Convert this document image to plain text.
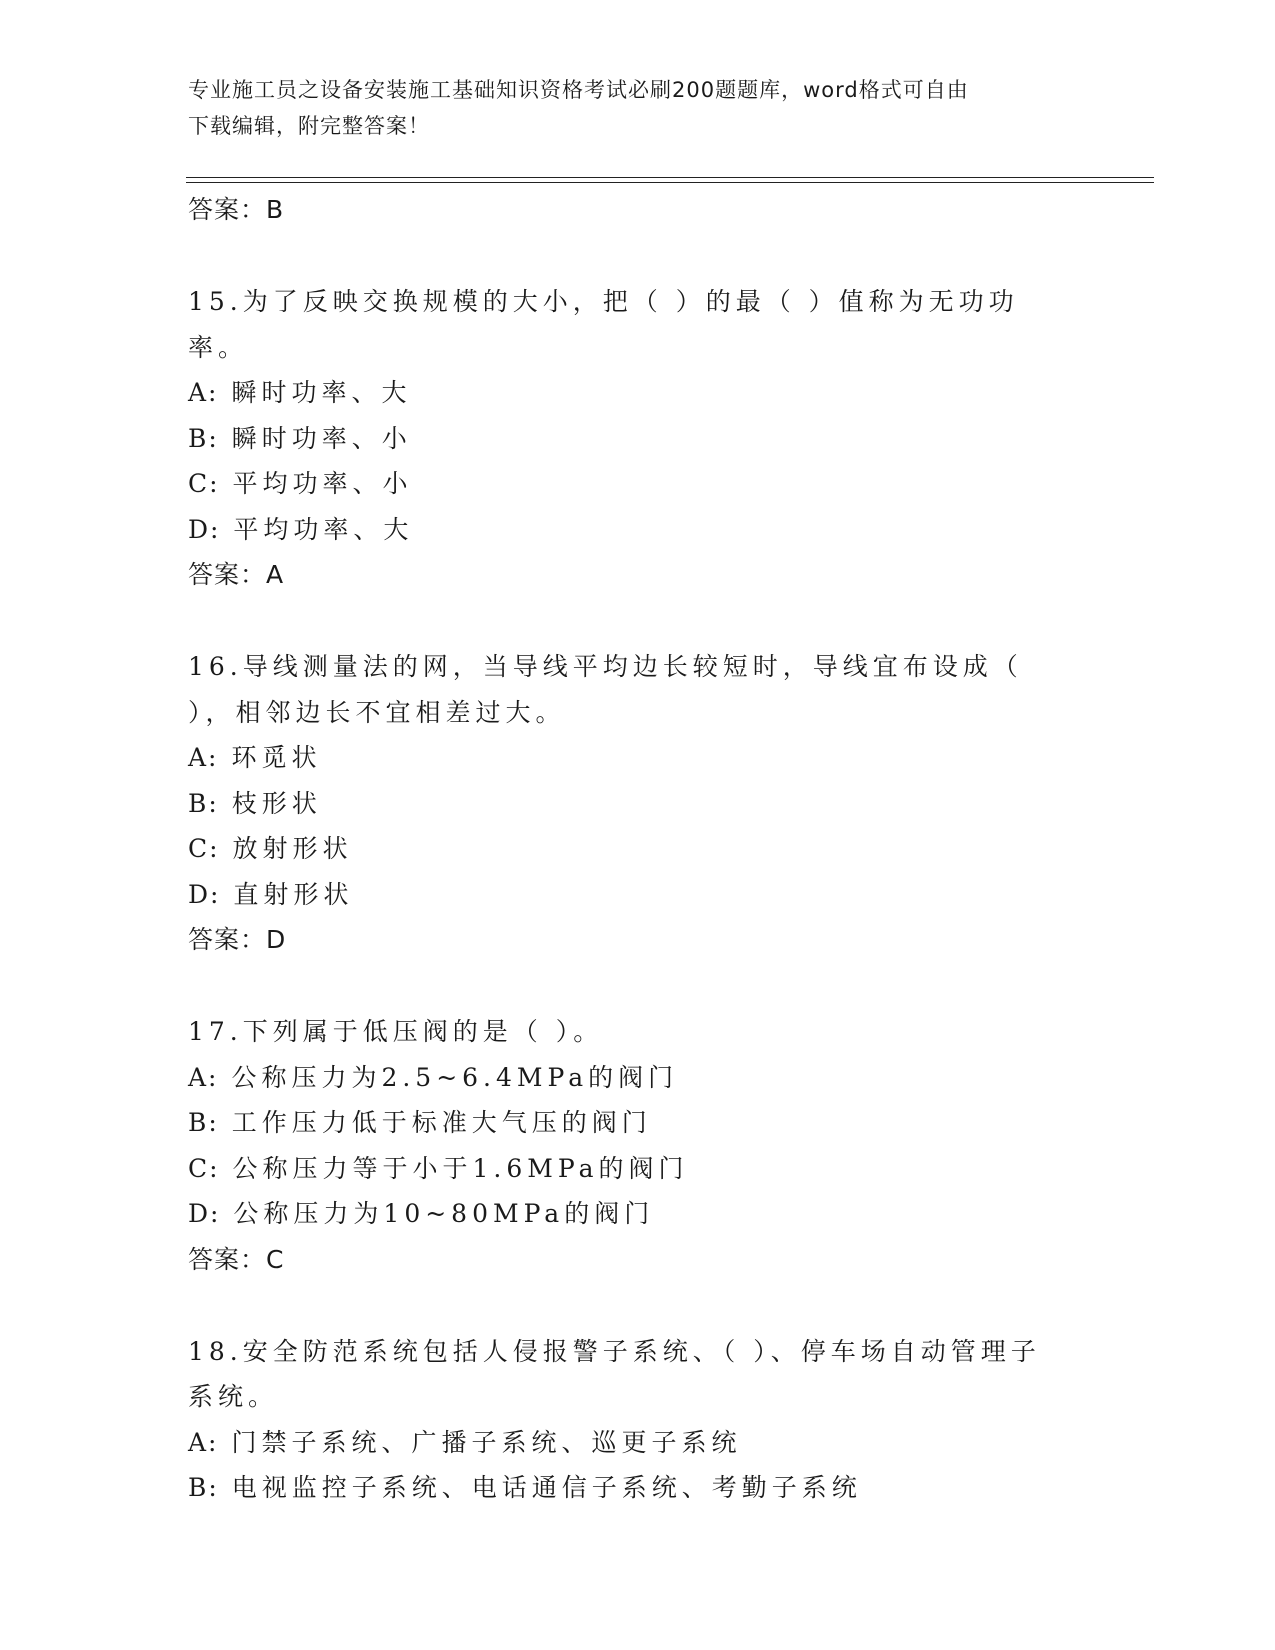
专业施工员之设备安装施工基础知识资格考试必刷200题题库，word格式可自由
下载编辑，附完整答案！
答案：B
15.为了反映交换规模的大小，把（ ）的最（ ）值称为无功功率。
A: 瞬时功率、大
B: 瞬时功率、小
C: 平均功率、小
D: 平均功率、大
答案：A
16.导线测量法的网，当导线平均边长较短时，导线宜布设成（ ），相邻边长不宜相差过大。
A: 环觅状
B: 枝形状
C: 放射形状
D: 直射形状
答案：D
17.下列属于低压阀的是（ ）。
A: 公称压力为2.5~6.4MPa的阀门
B: 工作压力低于标准大气压的阀门
C: 公称压力等于小于1.6MPa的阀门
D: 公称压力为10~80MPa的阀门
答案：C
18.安全防范系统包括人侵报警子系统、（ ）、停车场自动管理子系统。
A: 门禁子系统、广播子系统、巡更子系统
B: 电视监控子系统、电话通信子系统、考勤子系统
